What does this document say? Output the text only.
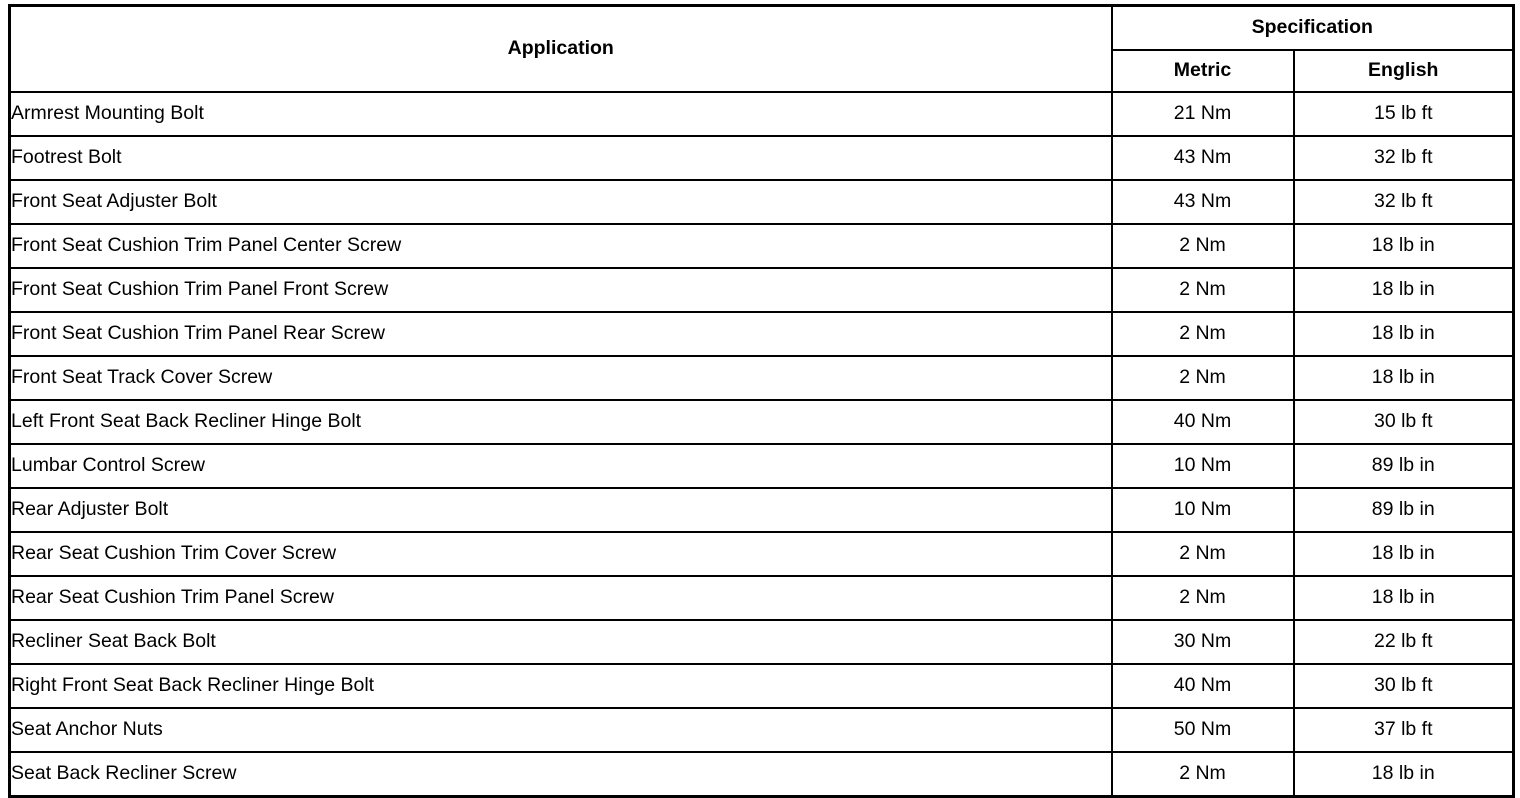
Application	Specification	
	Metric	English
Armrest Mounting Bolt	21 Nm	15 lb ft
Footrest Bolt	43 Nm	32 lb ft
Front Seat Adjuster Bolt	43 Nm	32 lb ft
Front Seat Cushion Trim Panel Center Screw	2 Nm	18 lb in
Front Seat Cushion Trim Panel Front Screw	2 Nm	18 lb in
Front Seat Cushion Trim Panel Rear Screw	2 Nm	18 lb in
Front Seat Track Cover Screw	2 Nm	18 lb in
Left Front Seat Back Recliner Hinge Bolt	40 Nm	30 lb ft
Lumbar Control Screw	10 Nm	89 lb in
Rear Adjuster Bolt	10 Nm	89 lb in
Rear Seat Cushion Trim Cover Screw	2 Nm	18 lb in
Rear Seat Cushion Trim Panel Screw	2 Nm	18 lb in
Recliner Seat Back Bolt	30 Nm	22 lb ft
Right Front Seat Back Recliner Hinge Bolt	40 Nm	30 lb ft
Seat Anchor Nuts	50 Nm	37 lb ft
Seat Back Recliner Screw	2 Nm	18 lb in
